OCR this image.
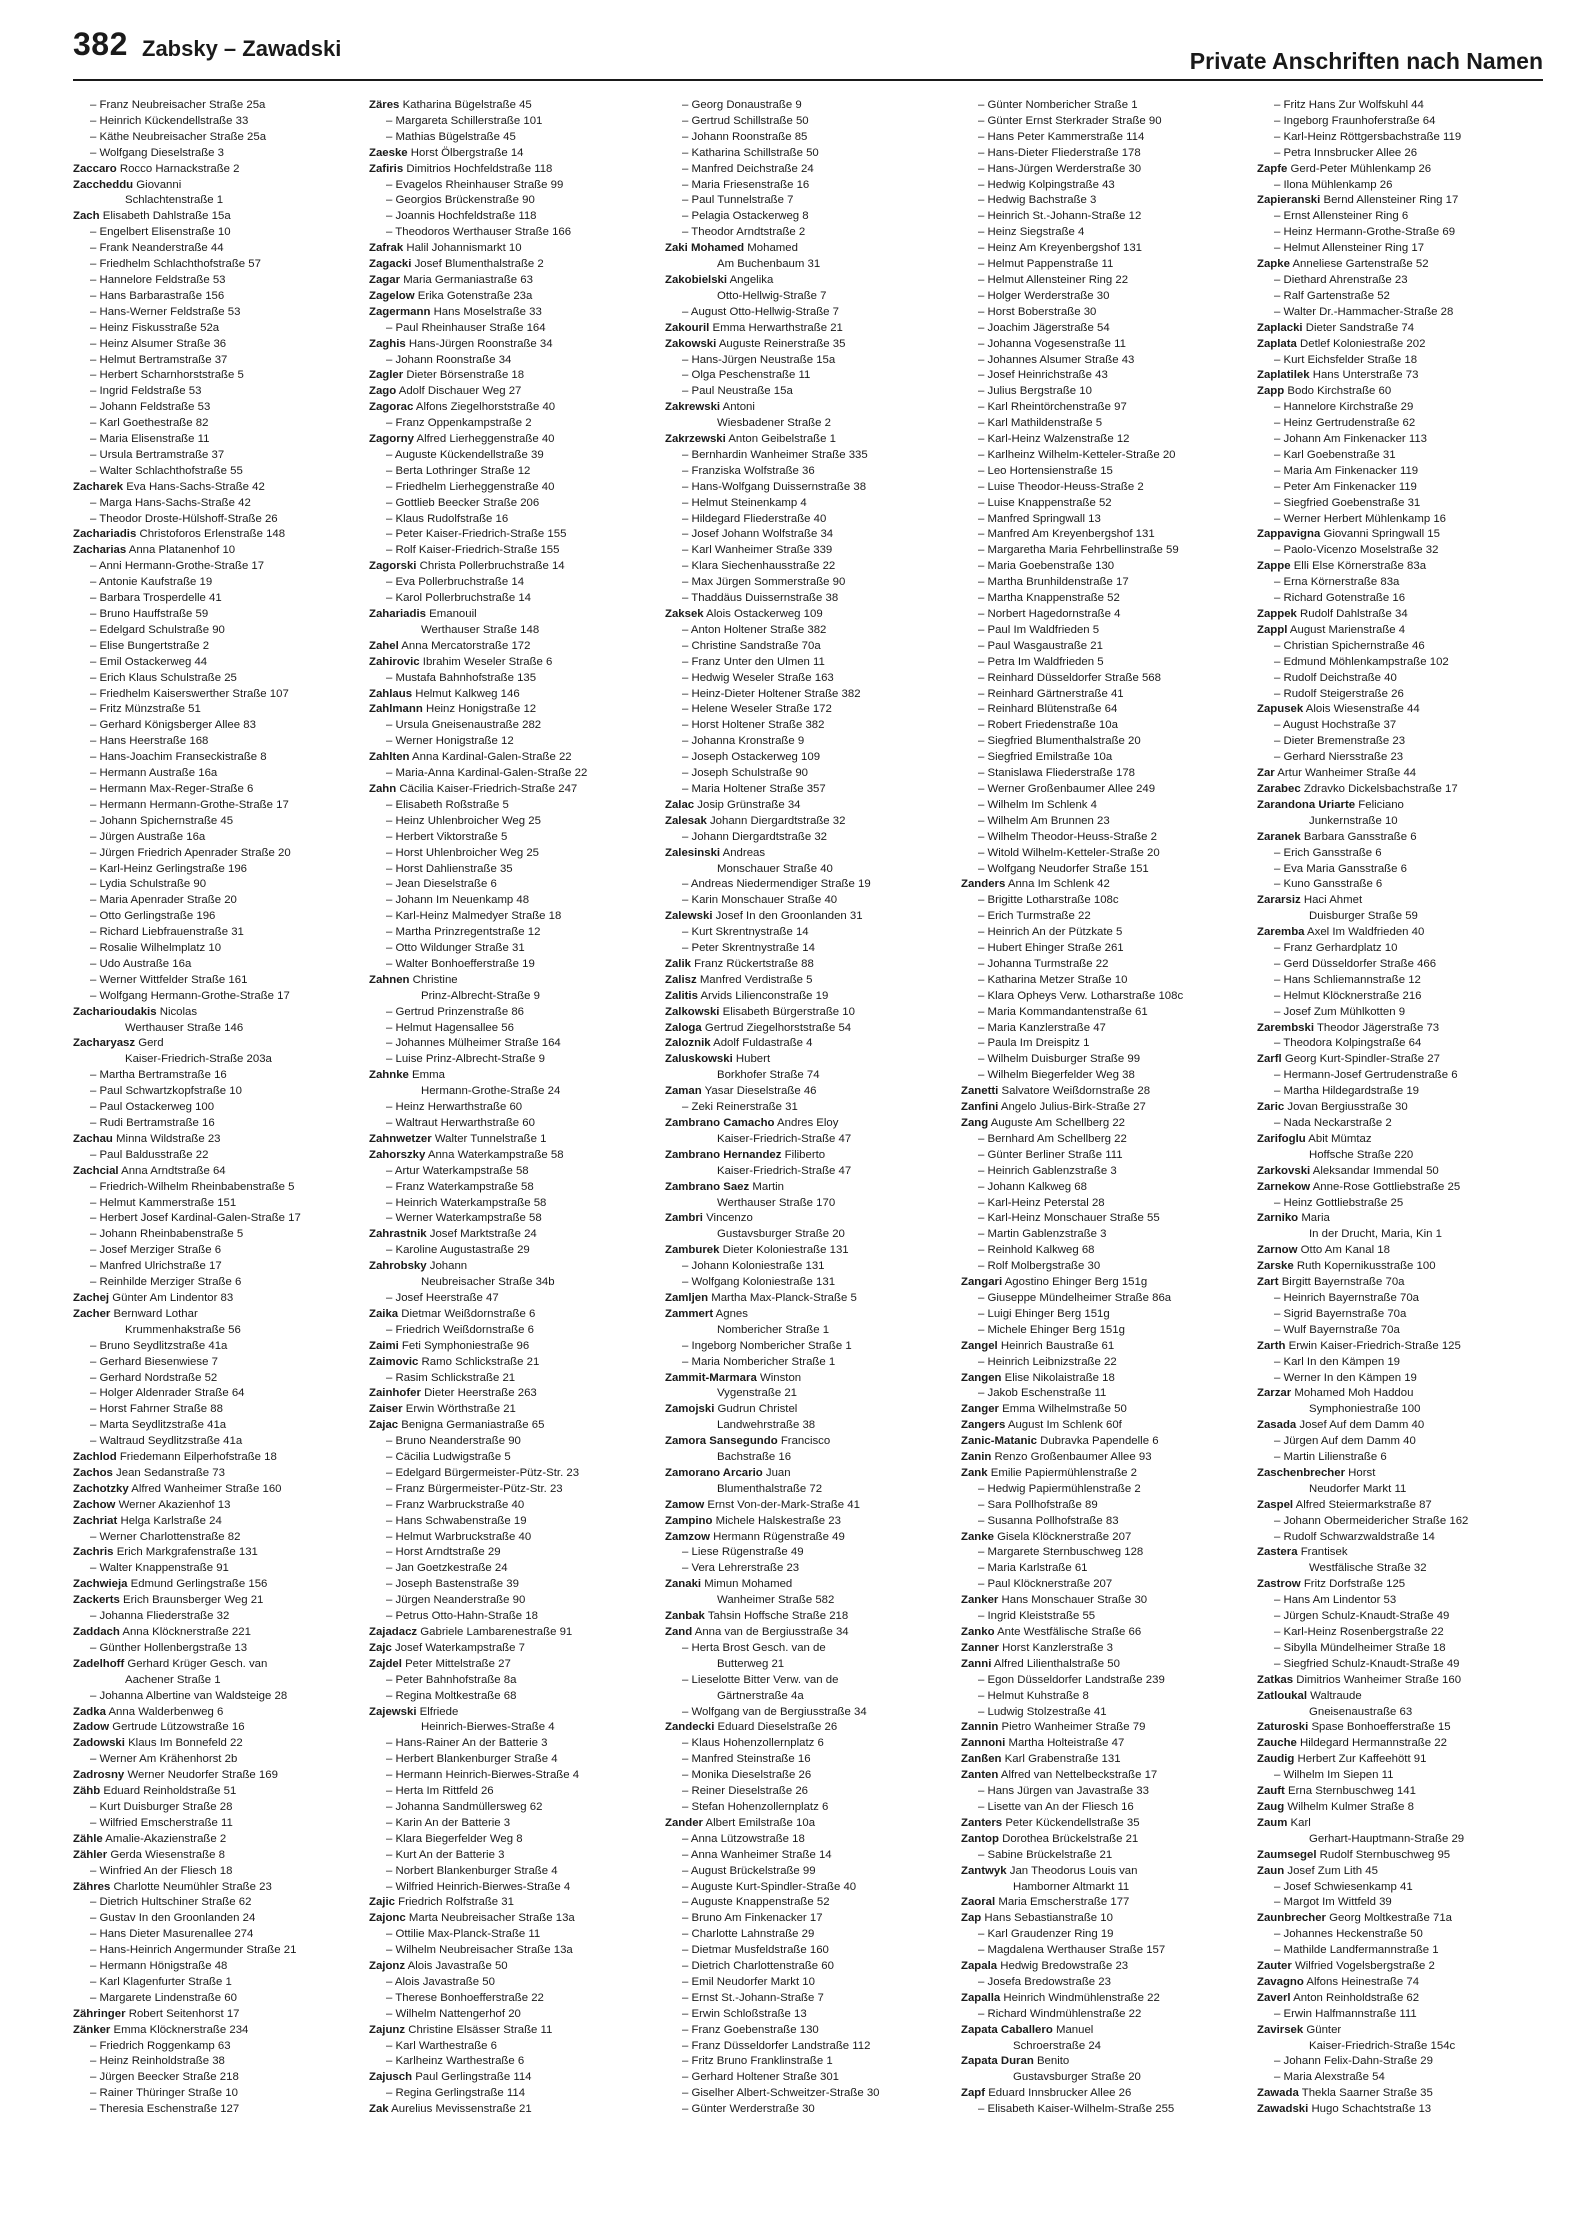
382 Zabsky – Zawadski	Private Anschriften nach Namen
– Franz Neubreisacher Straße 25a
– Heinrich Kückendellstraße 33
– Käthe Neubreisacher Straße 25a
– Wolfgang Dieselstraße 3
Zaccaro Rocco Harnackstraße 2
Zaccheddu Giovanni
Schlachtenstraße 1
Zach Elisabeth Dahlstraße 15a
– Engelbert Elisenstraße 10
– Frank Neanderstraße 44
– Friedhelm Schlachthofstraße 57
– Hannelore Feldstraße 53
– Hans Barbarastraße 156
– Hans-Werner Feldstraße 53
– Heinz Fiskusstraße 52a
– Heinz Alsumer Straße 36
– Helmut Bertramstraße 37
– Herbert Scharnhorststraße 5
– Ingrid Feldstraße 53
– Johann Feldstraße 53
– Karl Goethestraße 82
– Maria Elisenstraße 11
– Ursula Bertramstraße 37
– Walter Schlachthofstraße 55
Zacharek Eva Hans-Sachs-Straße 42
– Marga Hans-Sachs-Straße 42
– Theodor Droste-Hülshoff-Straße 26
Zachariadis Christoforos Erlenstraße 148
Zacharias Anna Platanenhof 10
– Anni Hermann-Grothe-Straße 17
– Antonie Kaufstraße 19
– Barbara Trosperdelle 41
– Bruno Hauffstraße 59
– Edelgard Schulstraße 90
– Elise Bungertstraße 2
– Emil Ostackerweg 44
– Erich Klaus Schulstraße 25
– Friedhelm Kaiserswerther Straße 107
– Fritz Münzstraße 51
– Gerhard Königsberger Allee 83
– Hans Heerstraße 168
– Hans-Joachim Franseckistraße 8
– Hermann Austraße 16a
– Hermann Max-Reger-Straße 6
– Hermann Hermann-Grothe-Straße 17
– Johann Spichernstraße 45
– Jürgen Austraße 16a
– Jürgen Friedrich Apenrader Straße 20
– Karl-Heinz Gerlingstraße 196
– Lydia Schulstraße 90
– Maria Apenrader Straße 20
– Otto Gerlingstraße 196
– Richard Liebfrauenstraße 31
– Rosalie Wilhelmplatz 10
– Udo Austraße 16a
– Werner Wittfelder Straße 161
– Wolfgang Hermann-Grothe-Straße 17
Zacharioudakis Nicolas
Werthauser Straße 146
Zacharyasz Gerd
Kaiser-Friedrich-Straße 203a
– Martha Bertramstraße 16
– Paul Schwartzkopfstraße 10
– Paul Ostackerweg 100
– Rudi Bertramstraße 16
Zachau Minna Wildstraße 23
– Paul Baldusstraße 22
Zachcial Anna Arndtstraße 64
– Friedrich-Wilhelm Rheinbabenstraße 5
– Helmut Kammerstraße 151
– Herbert Josef Kardinal-Galen-Straße 17
– Johann Rheinbabenstraße 5
– Josef Merziger Straße 6
– Manfred Ulrichstraße 17
– Reinhilde Merziger Straße 6
Zachej Günter Am Lindentor 83
Zacher Bernward Lothar
Krummenhakstraße 56
– Bruno Seydlitzstraße 41a
– Gerhard Biesenwiese 7
– Gerhard Nordstraße 52
– Holger Aldenrader Straße 64
– Horst Fahrner Straße 88
– Marta Seydlitzstraße 41a
– Waltraud Seydlitzstraße 41a
Zachlod Friedemann Eilperhofstraße 18
Zachos Jean Sedanstraße 73
Zachotzky Alfred Wanheimer Straße 160
Zachow Werner Akazienhof 13
Zachriat Helga Karlstraße 24
– Werner Charlottenstraße 82
Zachris Erich Markgrafenstraße 131
– Walter Knappenstraße 91
Zachwieja Edmund Gerlingstraße 156
Zackerts Erich Braunsberger Weg 21
– Johanna Fliederstraße 32
Zaddach Anna Klöcknerstraße 221
– Günther Hollenbergstraße 13
Zadelhoff Gerhard Krüger Gesch. van
Aachener Straße 1
– Johanna Albertine van Waldsteige 28
Zadka Anna Walderbenweg 6
Zadow Gertrude Lützowstraße 16
Zadowski Klaus Im Bonnefeld 22
– Werner Am Krähenhorst 2b
Zadrosny Werner Neudorfer Straße 169
Zähb Eduard Reinholdstraße 51
– Kurt Duisburger Straße 28
– Wilfried Emscherstraße 11
Zähle Amalie-Akazienstraße 2
Zähler Gerda Wiesenstraße 8
– Winfried An der Fliesch 18
Zähres Charlotte Neumühler Straße 23
– Dietrich Hultschiner Straße 62
– Gustav In den Groonlanden 24
– Hans Dieter Masurenallee 274
– Hans-Heinrich Angermunder Straße 21
– Hermann Hönigstraße 48
– Karl Klagenfurter Straße 1
– Margarete Lindenstraße 60
Zähringer Robert Seitenhorst 17
Zänker Emma Klöcknerstraße 234
– Friedrich Roggenkamp 63
– Heinz Reinholdstraße 38
– Jürgen Beecker Straße 218
– Rainer Thüringer Straße 10
– Theresia Eschenstraße 127
Zäres Katharina Bügelstraße 45
– Margareta Schillerstraße 101
– Mathias Bügelstraße 45
Zaeske Horst Ölbergstraße 14
Zafiris Dimitrios Hochfeldstraße 118
– Evagelos Rheinhauser Straße 99
– Georgios Brückenstraße 90
– Joannis Hochfeldstraße 118
– Theodoros Werthauser Straße 166
Zafrak Halil Johannismarkt 10
Zagacki Josef Blumenthalstraße 2
Zagar Maria Germaniastraße 63
Zagelow Erika Gotenstraße 23a
Zagermann Hans Moselstraße 33
– Paul Rheinhauser Straße 164
Zaghis Hans-Jürgen Roonstraße 34
– Johann Roonstraße 34
Zagler Dieter Börsenstraße 18
Zago Adolf Dischauer Weg 27
Zagorac Alfons Ziegelhorststraße 40
– Franz Oppenkampstraße 2
Zagorny Alfred Lierheggenstraße 40
– Auguste Kückendellstraße 39
– Berta Lothringer Straße 12
– Friedhelm Lierheggenstraße 40
– Gottlieb Beecker Straße 206
– Klaus Rudolfstraße 16
– Peter Kaiser-Friedrich-Straße 155
– Rolf Kaiser-Friedrich-Straße 155
Zagorski Christa Pollerbruchstraße 14
– Eva Pollerbruchstraße 14
– Karol Pollerbruchstraße 14
Zahariadis Emanouil
Werthauser Straße 148
Zahel Anna Mercatorstraße 172
Zahirovic Ibrahim Weseler Straße 6
– Mustafa Bahnhofstraße 135
Zahlaus Helmut Kalkweg 146
Zahlmann Heinz Honigstraße 12
– Ursula Gneisenaustraße 282
– Werner Honigstraße 12
Zahlten Anna Kardinal-Galen-Straße 22
– Maria-Anna Kardinal-Galen-Straße 22
Zahn Cäcilia Kaiser-Friedrich-Straße 247
– Elisabeth Roßstraße 5
– Heinz Uhlenbroicher Weg 25
– Herbert Viktorstraße 5
– Horst Uhlenbroicher Weg 25
– Horst Dahlienstraße 35
– Jean Dieselstraße 6
– Johann Im Neuenkamp 48
– Karl-Heinz Malmedyer Straße 18
– Martha Prinzregentstraße 12
– Otto Wildunger Straße 31
– Walter Bonhoefferstraße 19
Zahnen Christine
Prinz-Albrecht-Straße 9
– Gertrud Prinzenstraße 86
– Helmut Hagensallee 56
– Johannes Mülheimer Straße 164
– Luise Prinz-Albrecht-Straße 9
Zahnke Emma
Hermann-Grothe-Straße 24
– Heinz Herwarthstraße 60
– Waltraut Herwarthstraße 60
Zahnwetzer Walter Tunnelstraße 1
Zahorszky Anna Waterkampstraße 58
– Artur Waterkampstraße 58
– Franz Waterkampstraße 58
– Heinrich Waterkampstraße 58
– Werner Waterkampstraße 58
Zahrastnik Josef Marktstraße 24
– Karoline Augustastraße 29
Zahrobsky Johann
Neubreisacher Straße 34b
– Josef Heerstraße 47
Zaika Dietmar Weißdornstraße 6
– Friedrich Weißdornstraße 6
Zaimi Feti Symphoniestraße 96
Zaimovic Ramo Schlickstraße 21
– Rasim Schlickstraße 21
Zainhofer Dieter Heerstraße 263
Zaiser Erwin Wörthstraße 21
Zajac Benigna Germaniastraße 65
– Bruno Neanderstraße 90
– Cäcilia Ludwigstraße 5
– Edelgard Bürgermeister-Pütz-Str. 23
– Franz Bürgermeister-Pütz-Str. 23
– Franz Warbruckstraße 40
– Hans Schwabenstraße 19
– Helmut Warbruckstraße 40
– Horst Arndtstraße 29
– Jan Goetzkestraße 24
– Joseph Bastenstraße 39
– Jürgen Neanderstraße 90
– Petrus Otto-Hahn-Straße 18
Zajadacz Gabriele Lambarenestraße 91
Zajc Josef Waterkampstraße 7
Zajdel Peter Mittelstraße 27
– Peter Bahnhofstraße 8a
– Regina Moltkestraße 68
Zajewski Elfriede
Heinrich-Bierwes-Straße 4
– Hans-Rainer An der Batterie 3
– Herbert Blankenburger Straße 4
– Hermann Heinrich-Bierwes-Straße 4
– Herta Im Rittfeld 26
– Johanna Sandmüllersweg 62
– Karin An der Batterie 3
– Klara Biegerfelder Weg 8
– Kurt An der Batterie 3
– Norbert Blankenburger Straße 4
– Wilfried Heinrich-Bierwes-Straße 4
Zajic Friedrich Rolfstraße 31
Zajonc Marta Neubreisacher Straße 13a
– Ottilie Max-Planck-Straße 11
– Wilhelm Neubreisacher Straße 13a
Zajonz Alois Javastraße 50
– Alois Javastraße 50
– Therese Bonhoefferstraße 22
– Wilhelm Nattengerhof 20
Zajunz Christine Elsässer Straße 11
– Karl Warthestraße 6
– Karlheinz Warthestraße 6
Zajusch Paul Gerlingstraße 114
– Regina Gerlingstraße 114
Zak Aurelius Mevissenstraße 21
– Georg Donaustraße 9
– Gertrud Schillstraße 50
– Johann Roonstraße 85
– Katharina Schillstraße 50
– Manfred Deichstraße 24
– Maria Friesenstraße 16
– Paul Tunnelstraße 7
– Pelagia Ostackerweg 8
– Theodor Arndtstraße 2
Zaki Mohamed Mohamed
Am Buchenbaum 31
Zakobielski Angelika
Otto-Hellwig-Straße 7
– August Otto-Hellwig-Straße 7
Zakouril Emma Herwarthstraße 21
Zakowski Auguste Reinerstraße 35
– Hans-Jürgen Neustraße 15a
– Olga Peschenstraße 11
– Paul Neustraße 15a
Zakrewski Antoni
Wiesbadener Straße 2
Zakrzewski Anton Geibelstraße 1
– Bernhardin Wanheimer Straße 335
– Franziska Wolfstraße 36
– Hans-Wolfgang Duissernstraße 38
– Helmut Steinenkamp 4
– Hildegard Fliederstraße 40
– Josef Johann Wolfstraße 34
– Karl Wanheimer Straße 339
– Klara Siechenhausstraße 22
– Max Jürgen Sommerstraße 90
– Thaddäus Duissernstraße 38
Zaksek Alois Ostackerweg 109
– Anton Holtener Straße 382
– Christine Sandstraße 70a
– Franz Unter den Ulmen 11
– Hedwig Weseler Straße 163
– Heinz-Dieter Holtener Straße 382
– Helene Weseler Straße 172
– Horst Holtener Straße 382
– Johanna Kronstraße 9
– Joseph Ostackerweg 109
– Joseph Schulstraße 90
– Maria Holtener Straße 357
Zalac Josip Grünstraße 34
Zalesak Johann Diergardtstraße 32
– Johann Diergardtstraße 32
Zalesinski Andreas
Monschauer Straße 40
– Andreas Niedermendiger Straße 19
– Karin Monschauer Straße 40
Zalewski Josef In den Groonlanden 31
– Kurt Skrentnystraße 14
– Peter Skrentnystraße 14
Zalik Franz Rückertstraße 88
Zalisz Manfred Verdistraße 5
Zalitis Arvids Lilienconstraße 19
Zalkowski Elisabeth Bürgerstraße 10
Zaloga Gertrud Ziegelhorststraße 54
Zaloznik Adolf Fuldastraße 4
Zaluskowski Hubert
Borkhofer Straße 74
Zaman Yasar Dieselstraße 46
– Zeki Reinerstraße 31
Zambrano Camacho Andres Eloy
Kaiser-Friedrich-Straße 47
Zambrano Hernandez Filiberto
Kaiser-Friedrich-Straße 47
Zambrano Saez Martin
Werthauser Straße 170
Zambri Vincenzo
Gustavsburger Straße 20
Zamburek Dieter Koloniestraße 131
– Johann Koloniestraße 131
– Wolfgang Koloniestraße 131
Zamljen Martha Max-Planck-Straße 5
Zammert Agnes
Nombericher Straße 1
– Ingeborg Nombericher Straße 1
– Maria Nombericher Straße 1
Zammit-Marmara Winston
Vygenstraße 21
Zamojski Gudrun Christel
Landwehrstraße 38
Zamora Sansegundo Francisco
Bachstraße 16
Zamorano Arcario Juan
Blumenthalstraße 72
Zamow Ernst Von-der-Mark-Straße 41
Zampino Michele Halskestraße 23
Zamzow Hermann Rügenstraße 49
– Liese Rügenstraße 49
– Vera Lehrerstraße 23
Zanaki Mimun Mohamed
Wanheimer Straße 582
Zanbak Tahsin Hoffsche Straße 218
Zand Anna van de Bergiusstraße 34
– Herta Brost Gesch. van de
Butterweg 21
– Lieselotte Bitter Verw. van de
Gärtnerstraße 4a
– Wolfgang van de Bergiusstraße 34
Zandecki Eduard Dieselstraße 26
– Klaus Hohenzollernplatz 6
– Manfred Steinstraße 16
– Monika Dieselstraße 26
– Reiner Dieselstraße 26
– Stefan Hohenzollernplatz 6
Zander Albert Emilstraße 10a
– Anna Lützowstraße 18
– Anna Wanheimer Straße 14
– August Brückelstraße 99
– Auguste Kurt-Spindler-Straße 40
– Auguste Knappenstraße 52
– Bruno Am Finkenacker 17
– Charlotte Lahnstraße 29
– Dietmar Musfeldstraße 160
– Dietrich Charlottenstraße 60
– Emil Neudorfer Markt 10
– Ernst St.-Johann-Straße 7
– Erwin Schloßstraße 13
– Franz Goebenstraße 130
– Franz Düsseldorfer Landstraße 112
– Fritz Bruno Franklinstraße 1
– Gerhard Holtener Straße 301
– Giselher Albert-Schweitzer-Straße 30
– Günter Werderstraße 30
– Günter Nombericher Straße 1
– Günter Ernst Sterkrader Straße 90
– Hans Peter Kammerstraße 114
– Hans-Dieter Fliederstraße 178
– Hans-Jürgen Werderstraße 30
– Hedwig Kolpingstraße 43
– Hedwig Bachstraße 3
– Heinrich St.-Johann-Straße 12
– Heinz Siegstraße 4
– Heinz Am Kreyenbergshof 131
– Helmut Pappenstraße 11
– Helmut Allensteiner Ring 22
– Holger Werderstraße 30
– Horst Boberstraße 30
– Joachim Jägerstraße 54
– Johanna Vogesenstraße 11
– Johannes Alsumer Straße 43
– Josef Heinrichstraße 43
– Julius Bergstraße 10
– Karl Rheintörchenstraße 97
– Karl Mathildenstraße 5
– Karl-Heinz Walzenstraße 12
– Karlheinz Wilhelm-Ketteler-Straße 20
– Leo Hortensienstraße 15
– Luise Theodor-Heuss-Straße 2
– Luise Knappenstraße 52
– Manfred Springwall 13
– Manfred Am Kreyenbergshof 131
– Margaretha Maria Fehrbellinstraße 59
– Maria Goebenstraße 130
– Martha Brunhildenstraße 17
– Martha Knappenstraße 52
– Norbert Hagedornstraße 4
– Paul Im Waldfrieden 5
– Paul Wasgaustraße 21
– Petra Im Waldfrieden 5
– Reinhard Düsseldorfer Straße 568
– Reinhard Gärtnerstraße 41
– Reinhard Blütenstraße 64
– Robert Friedenstraße 10a
– Siegfried Blumenthalstraße 20
– Siegfried Emilstraße 10a
– Stanislawa Fliederstraße 178
– Werner Großenbaumer Allee 249
– Wilhelm Im Schlenk 4
– Wilhelm Am Brunnen 23
– Wilhelm Theodor-Heuss-Straße 2
– Witold Wilhelm-Ketteler-Straße 20
– Wolfgang Neudorfer Straße 151
Zanders Anna Im Schlenk 42
– Brigitte Lotharstraße 108c
– Erich Turmstraße 22
– Heinrich An der Pützkate 5
– Hubert Ehinger Straße 261
– Johanna Turmstraße 22
– Katharina Metzer Straße 10
– Klara Opheys Verw. Lotharstraße 108c
– Maria Kommandantenstraße 61
– Maria Kanzlerstraße 47
– Paula Im Dreispitz 1
– Wilhelm Duisburger Straße 99
– Wilhelm Biegerfelder Weg 38
Zanetti Salvatore Weißdornstraße 28
Zanfini Angelo Julius-Birk-Straße 27
Zang Auguste Am Schellberg 22
– Bernhard Am Schellberg 22
– Günter Berliner Straße 111
– Heinrich Gablenzstraße 3
– Johann Kalkweg 68
– Karl-Heinz Peterstal 28
– Karl-Heinz Monschauer Straße 55
– Martin Gablenzstraße 3
– Reinhold Kalkweg 68
– Rolf Molbergstraße 30
Zangari Agostino Ehinger Berg 151g
– Giuseppe Mündelheimer Straße 86a
– Luigi Ehinger Berg 151g
– Michele Ehinger Berg 151g
Zangel Heinrich Baustraße 61
– Heinrich Leibnizstraße 22
Zangen Elise Nikolaistraße 18
– Jakob Eschenstraße 11
Zanger Emma Wilhelmstraße 50
Zangers August Im Schlenk 60f
Zanic-Matanic Dubravka Papendelle 6
Zanin Renzo Großenbaumer Allee 93
Zank Emilie Papiermühlenstraße 2
– Hedwig Papiermühlenstraße 2
– Sara Pollhofstraße 89
– Susanna Pollhofstraße 83
Zanke Gisela Klöcknerstraße 207
– Margarete Sternbuschweg 128
– Maria Karlstraße 61
– Paul Klöcknerstraße 207
Zanker Hans Monschauer Straße 30
– Ingrid Kleiststraße 55
Zanko Ante Westfälische Straße 66
Zanner Horst Kanzlerstraße 3
Zanni Alfred Lilienthalstraße 50
– Egon Düsseldorfer Landstraße 239
– Helmut Kuhstraße 8
– Ludwig Stolzestraße 41
Zannin Pietro Wanheimer Straße 79
Zannoni Martha Holteistraße 47
Zanßen Karl Grabenstraße 131
Zanten Alfred van Nettelbeckstraße 17
– Hans Jürgen van Javastraße 33
– Lisette van An der Fliesch 16
Zanters Peter Kückendellstraße 35
Zantop Dorothea Brückelstraße 21
– Sabine Brückelstraße 21
Zantwyk Jan Theodorus Louis van
Hamborner Altmarkt 11
Zaoral Maria Emscherstraße 177
Zap Hans Sebastianstraße 10
– Karl Graudenzer Ring 19
– Magdalena Werthauser Straße 157
Zapala Hedwig Bredowstraße 23
– Josefa Bredowstraße 23
Zapalla Heinrich Windmühlenstraße 22
– Richard Windmühlenstraße 22
Zapata Caballero Manuel
Schroerstraße 24
Zapata Duran Benito
Gustavsburger Straße 20
Zapf Eduard Innsbrucker Allee 26
– Elisabeth Kaiser-Wilhelm-Straße 255
– Fritz Hans Zur Wolfskuhl 44
– Ingeborg Fraunhoferstraße 64
– Karl-Heinz Röttgersbachstraße 119
– Petra Innsbrucker Allee 26
Zapfe Gerd-Peter Mühlenkamp 26
– Ilona Mühlenkamp 26
Zapieranski Bernd Allensteiner Ring 17
– Ernst Allensteiner Ring 6
– Heinz Hermann-Grothe-Straße 69
– Helmut Allensteiner Ring 17
Zapke Anneliese Gartenstraße 52
– Diethard Ahrenstraße 23
– Ralf Gartenstraße 52
– Walter Dr.-Hammacher-Straße 28
Zaplacki Dieter Sandstraße 74
Zaplata Detlef Koloniestraße 202
– Kurt Eichsfelder Straße 18
Zaplatilek Hans Unterstraße 73
Zapp Bodo Kirchstraße 60
– Hannelore Kirchstraße 29
– Heinz Gertrudenstraße 62
– Johann Am Finkenacker 113
– Karl Goebenstraße 31
– Maria Am Finkenacker 119
– Peter Am Finkenacker 119
– Siegfried Goebenstraße 31
– Werner Herbert Mühlenkamp 16
Zappavigna Giovanni Springwall 15
– Paolo-Vicenzo Moselstraße 32
Zappe Elli Else Körnerstraße 83a
– Erna Körnerstraße 83a
– Richard Gotenstraße 16
Zappek Rudolf Dahlstraße 34
Zappl August Marienstraße 4
– Christian Spichernstraße 46
– Edmund Möhlenkampstraße 102
– Rudolf Deichstraße 40
– Rudolf Steigerstraße 26
Zapusek Alois Wiesenstraße 44
– August Hochstraße 37
– Dieter Bremenstraße 23
– Gerhard Niersstraße 23
Zar Artur Wanheimer Straße 44
Zarabec Zdravko Dickelsbachstraße 17
Zarandona Uriarte Feliciano
Junkernstraße 10
Zaranek Barbara Gansstraße 6
– Erich Gansstraße 6
– Eva Maria Gansstraße 6
– Kuno Gansstraße 6
Zararsiz Haci Ahmet
Duisburger Straße 59
Zaremba Axel Im Waldfrieden 40
– Franz Gerhardplatz 10
– Gerd Düsseldorfer Straße 466
– Hans Schliemannstraße 12
– Helmut Klöcknerstraße 216
– Josef Zum Mühlkotten 9
Zarembski Theodor Jägerstraße 73
– Theodora Kolpingstraße 64
Zarfl Georg Kurt-Spindler-Straße 27
– Hermann-Josef Gertrudenstraße 6
– Martha Hildegardstraße 19
Zaric Jovan Bergiusstraße 30
– Nada Neckarstraße 2
Zarifoglu Abit Mümtaz
Hoffsche Straße 220
Zarkovski Aleksandar Immendal 50
Zarnekow Anne-Rose Gottliebstraße 25
– Heinz Gottliebstraße 25
Zarniko Maria
In der Drucht, Maria, Kin 1
Zarnow Otto Am Kanal 18
Zarske Ruth Kopernikusstraße 100
Zart Birgitt Bayernstraße 70a
– Heinrich Bayernstraße 70a
– Sigrid Bayernstraße 70a
– Wulf Bayernstraße 70a
Zarth Erwin Kaiser-Friedrich-Straße 125
– Karl In den Kämpen 19
– Werner In den Kämpen 19
Zarzar Mohamed Moh Haddou
Symphoniestraße 100
Zasada Josef Auf dem Damm 40
– Jürgen Auf dem Damm 40
– Martin Lilienstraße 6
Zaschenbrecher Horst
Neudorfer Markt 11
Zaspel Alfred Steiermarkstraße 87
– Johann Obermeidericher Straße 162
– Rudolf Schwarzwaldstraße 14
Zastera Frantisek
Westfälische Straße 32
Zastrow Fritz Dorfstraße 125
– Hans Am Lindentor 53
– Jürgen Schulz-Knaudt-Straße 49
– Karl-Heinz Rosenbergstraße 22
– Sibylla Mündelheimer Straße 18
– Siegfried Schulz-Knaudt-Straße 49
Zatkas Dimitrios Wanheimer Straße 160
Zatloukal Waltraude
Gneisenaustraße 63
Zaturoski Spase Bonhoefferstraße 15
Zauche Hildegard Hermannstraße 22
Zaudig Herbert Zur Kaffeehött 91
– Wilhelm Im Siepen 11
Zauft Erna Sternbuschweg 141
Zaug Wilhelm Kulmer Straße 8
Zaum Karl
Gerhart-Hauptmann-Straße 29
Zaumsegel Rudolf Sternbuschweg 95
Zaun Josef Zum Lith 45
– Josef Schwiesenkamp 41
– Margot Im Wittfeld 39
Zaunbrecher Georg Moltkestraße 71a
– Johannes Heckenstraße 50
– Mathilde Landfermannstraße 1
Zauter Wilfried Vogelsbergstraße 2
Zavagno Alfons Heinestraße 74
Zaverl Anton Reinholdstraße 62
– Erwin Halfmannstraße 111
Zavirsek Günter
Kaiser-Friedrich-Straße 154c
– Johann Felix-Dahn-Straße 29
– Maria Alexstraße 54
Zawada Thekla Saarner Straße 35
Zawadski Hugo Schachtstraße 13
